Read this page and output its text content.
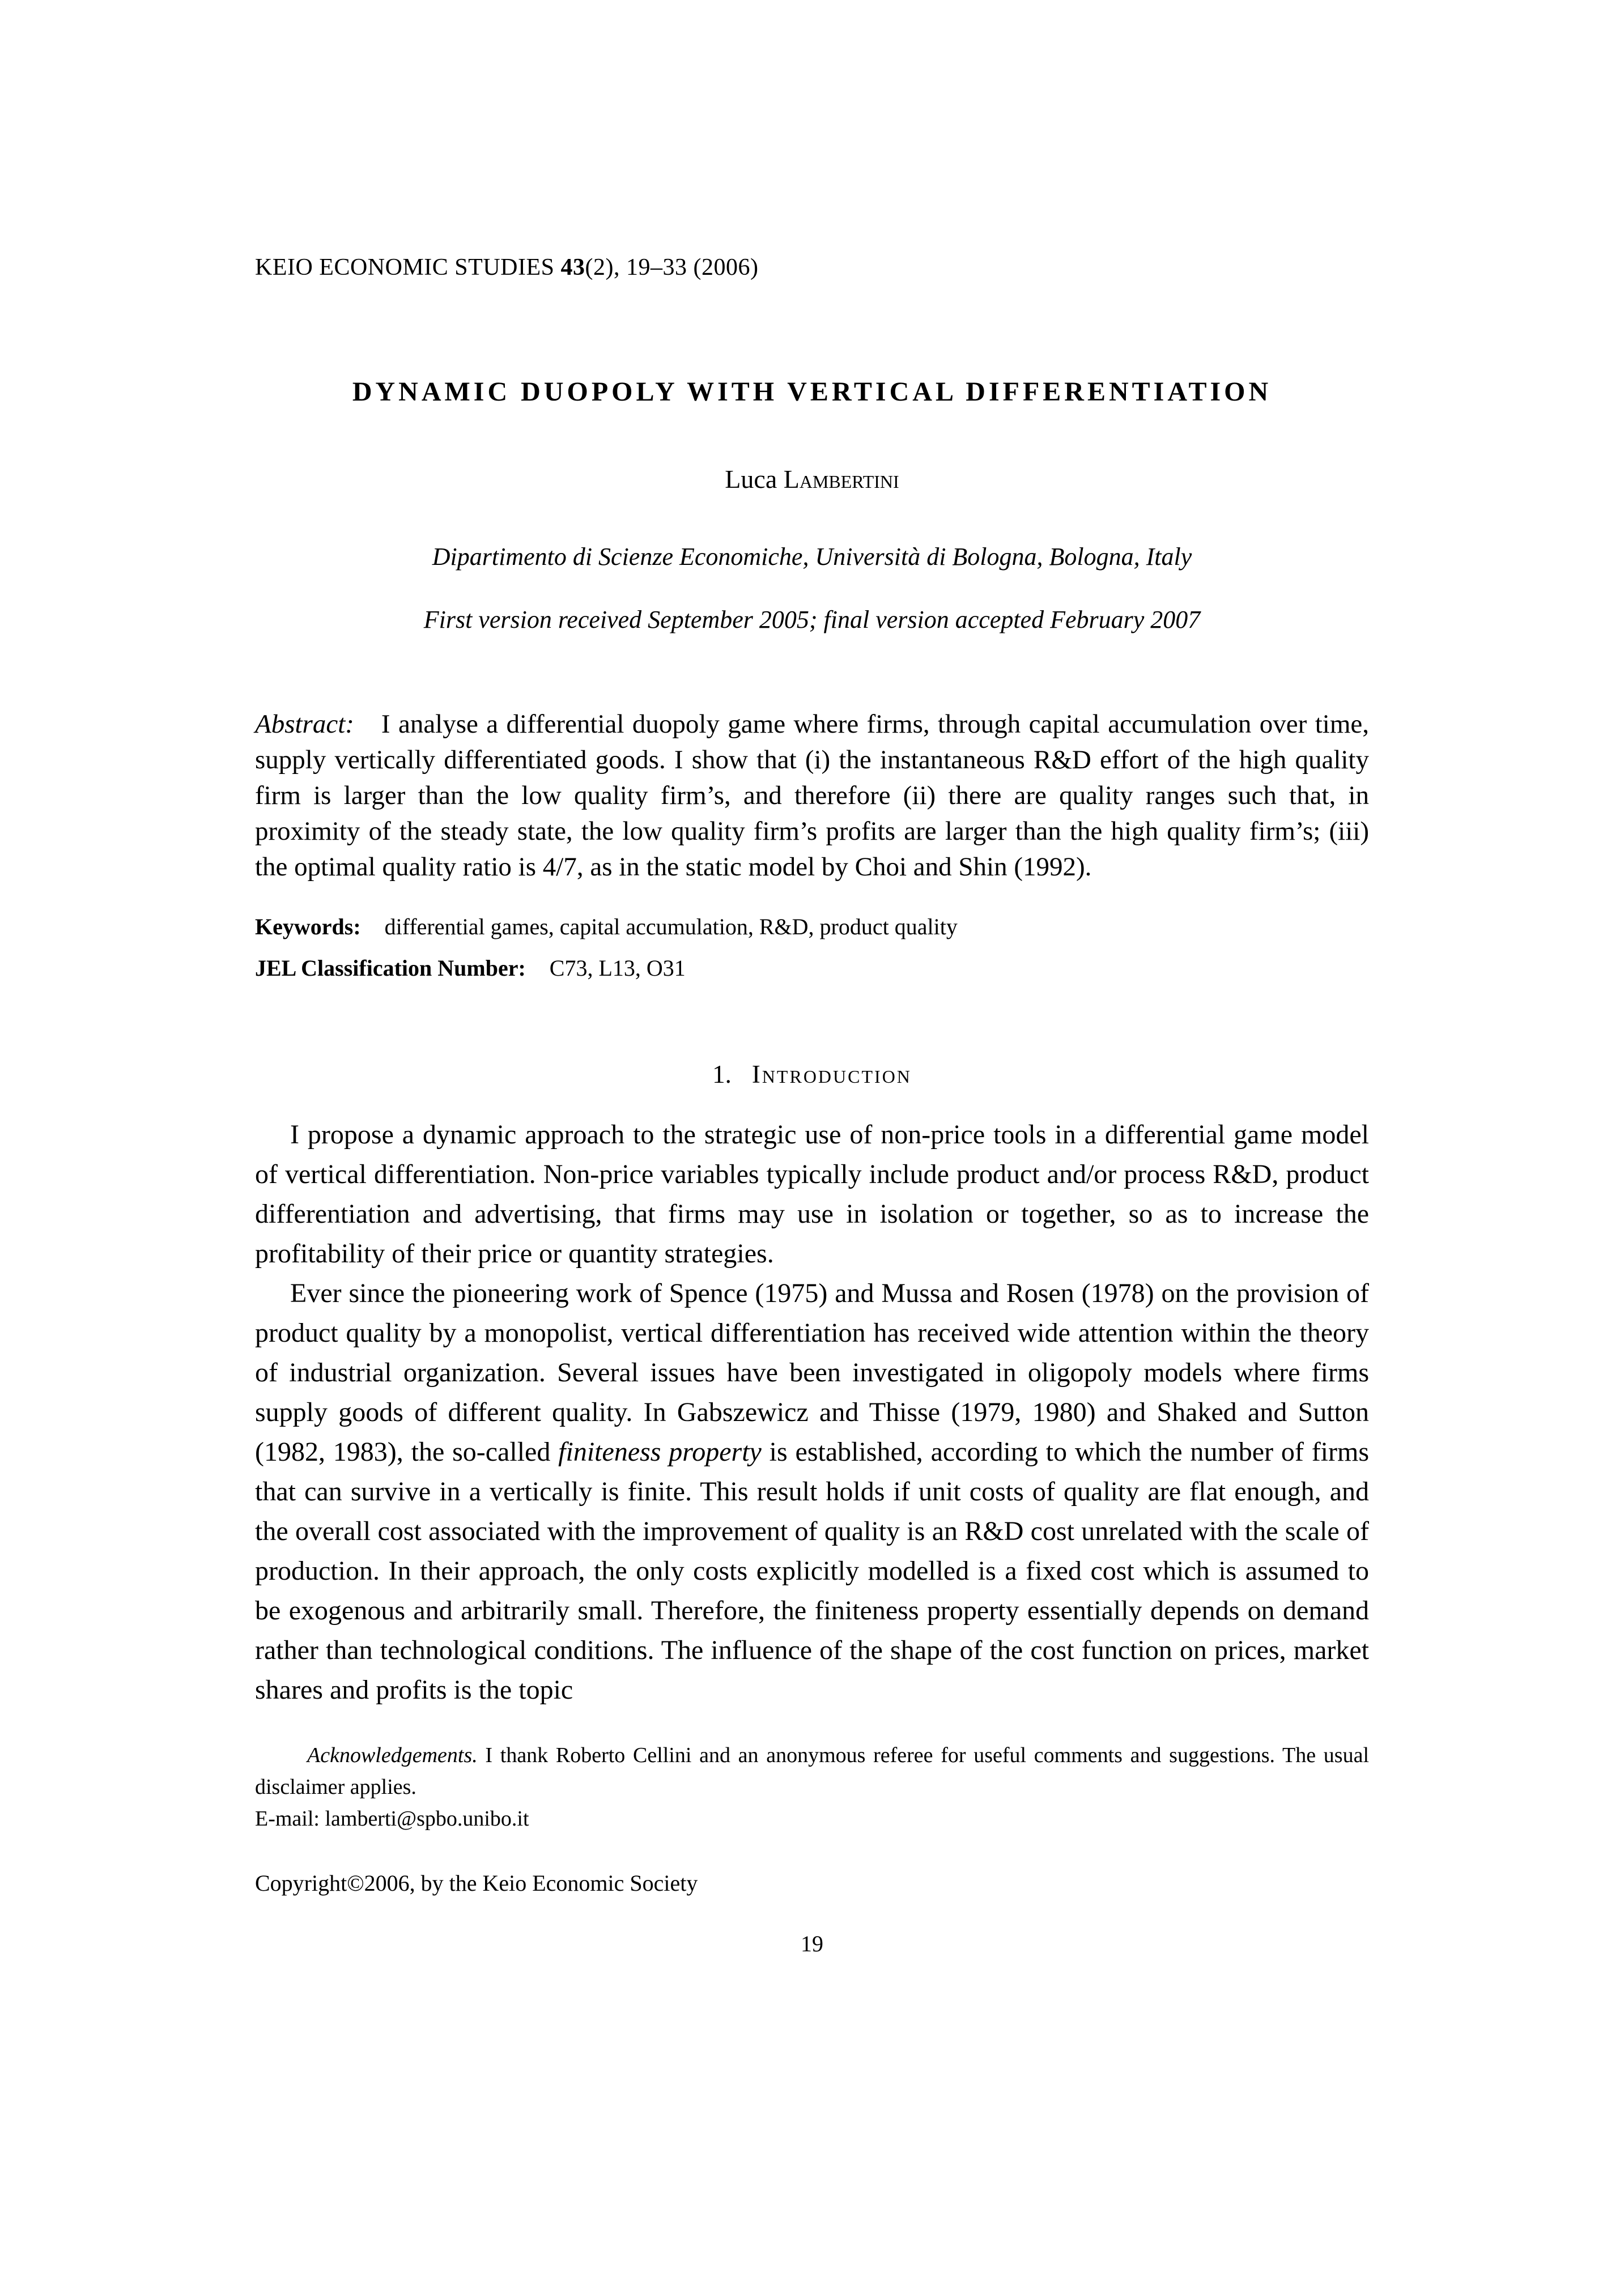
KEIO ECONOMIC STUDIES 43(2), 19–33 (2006)
DYNAMIC DUOPOLY WITH VERTICAL DIFFERENTIATION
Luca Lambertini
Dipartimento di Scienze Economiche, Università di Bologna, Bologna, Italy
First version received September 2005; final version accepted February 2007
Abstract: I analyse a differential duopoly game where firms, through capital accumulation over time, supply vertically differentiated goods. I show that (i) the instantaneous R&D effort of the high quality firm is larger than the low quality firm’s, and therefore (ii) there are quality ranges such that, in proximity of the steady state, the low quality firm’s profits are larger than the high quality firm’s; (iii) the optimal quality ratio is 4/7, as in the static model by Choi and Shin (1992).
Keywords: differential games, capital accumulation, R&D, product quality
JEL Classification Number: C73, L13, O31
1. Introduction

I propose a dynamic approach to the strategic use of non-price tools in a differential game model of vertical differentiation. Non-price variables typically include product and/or process R&D, product differentiation and advertising, that firms may use in isolation or together, so as to increase the profitability of their price or quantity strategies.

Ever since the pioneering work of Spence (1975) and Mussa and Rosen (1978) on the provision of product quality by a monopolist, vertical differentiation has received wide attention within the theory of industrial organization. Several issues have been investigated in oligopoly models where firms supply goods of different quality. In Gabszewicz and Thisse (1979, 1980) and Shaked and Sutton (1982, 1983), the so-called finiteness property is established, according to which the number of firms that can survive in a vertically is finite. This result holds if unit costs of quality are flat enough, and the overall cost associated with the improvement of quality is an R&D cost unrelated with the scale of production. In their approach, the only costs explicitly modelled is a fixed cost which is assumed to be exogenous and arbitrarily small. Therefore, the finiteness property essentially depends on demand rather than technological conditions. The influence of the shape of the cost function on prices, market shares and profits is the topic

Acknowledgements. I thank Roberto Cellini and an anonymous referee for useful comments and suggestions. The usual disclaimer applies.

E-mail: lamberti@spbo.unibo.it

Copyright©2006, by the Keio Economic Society
19
